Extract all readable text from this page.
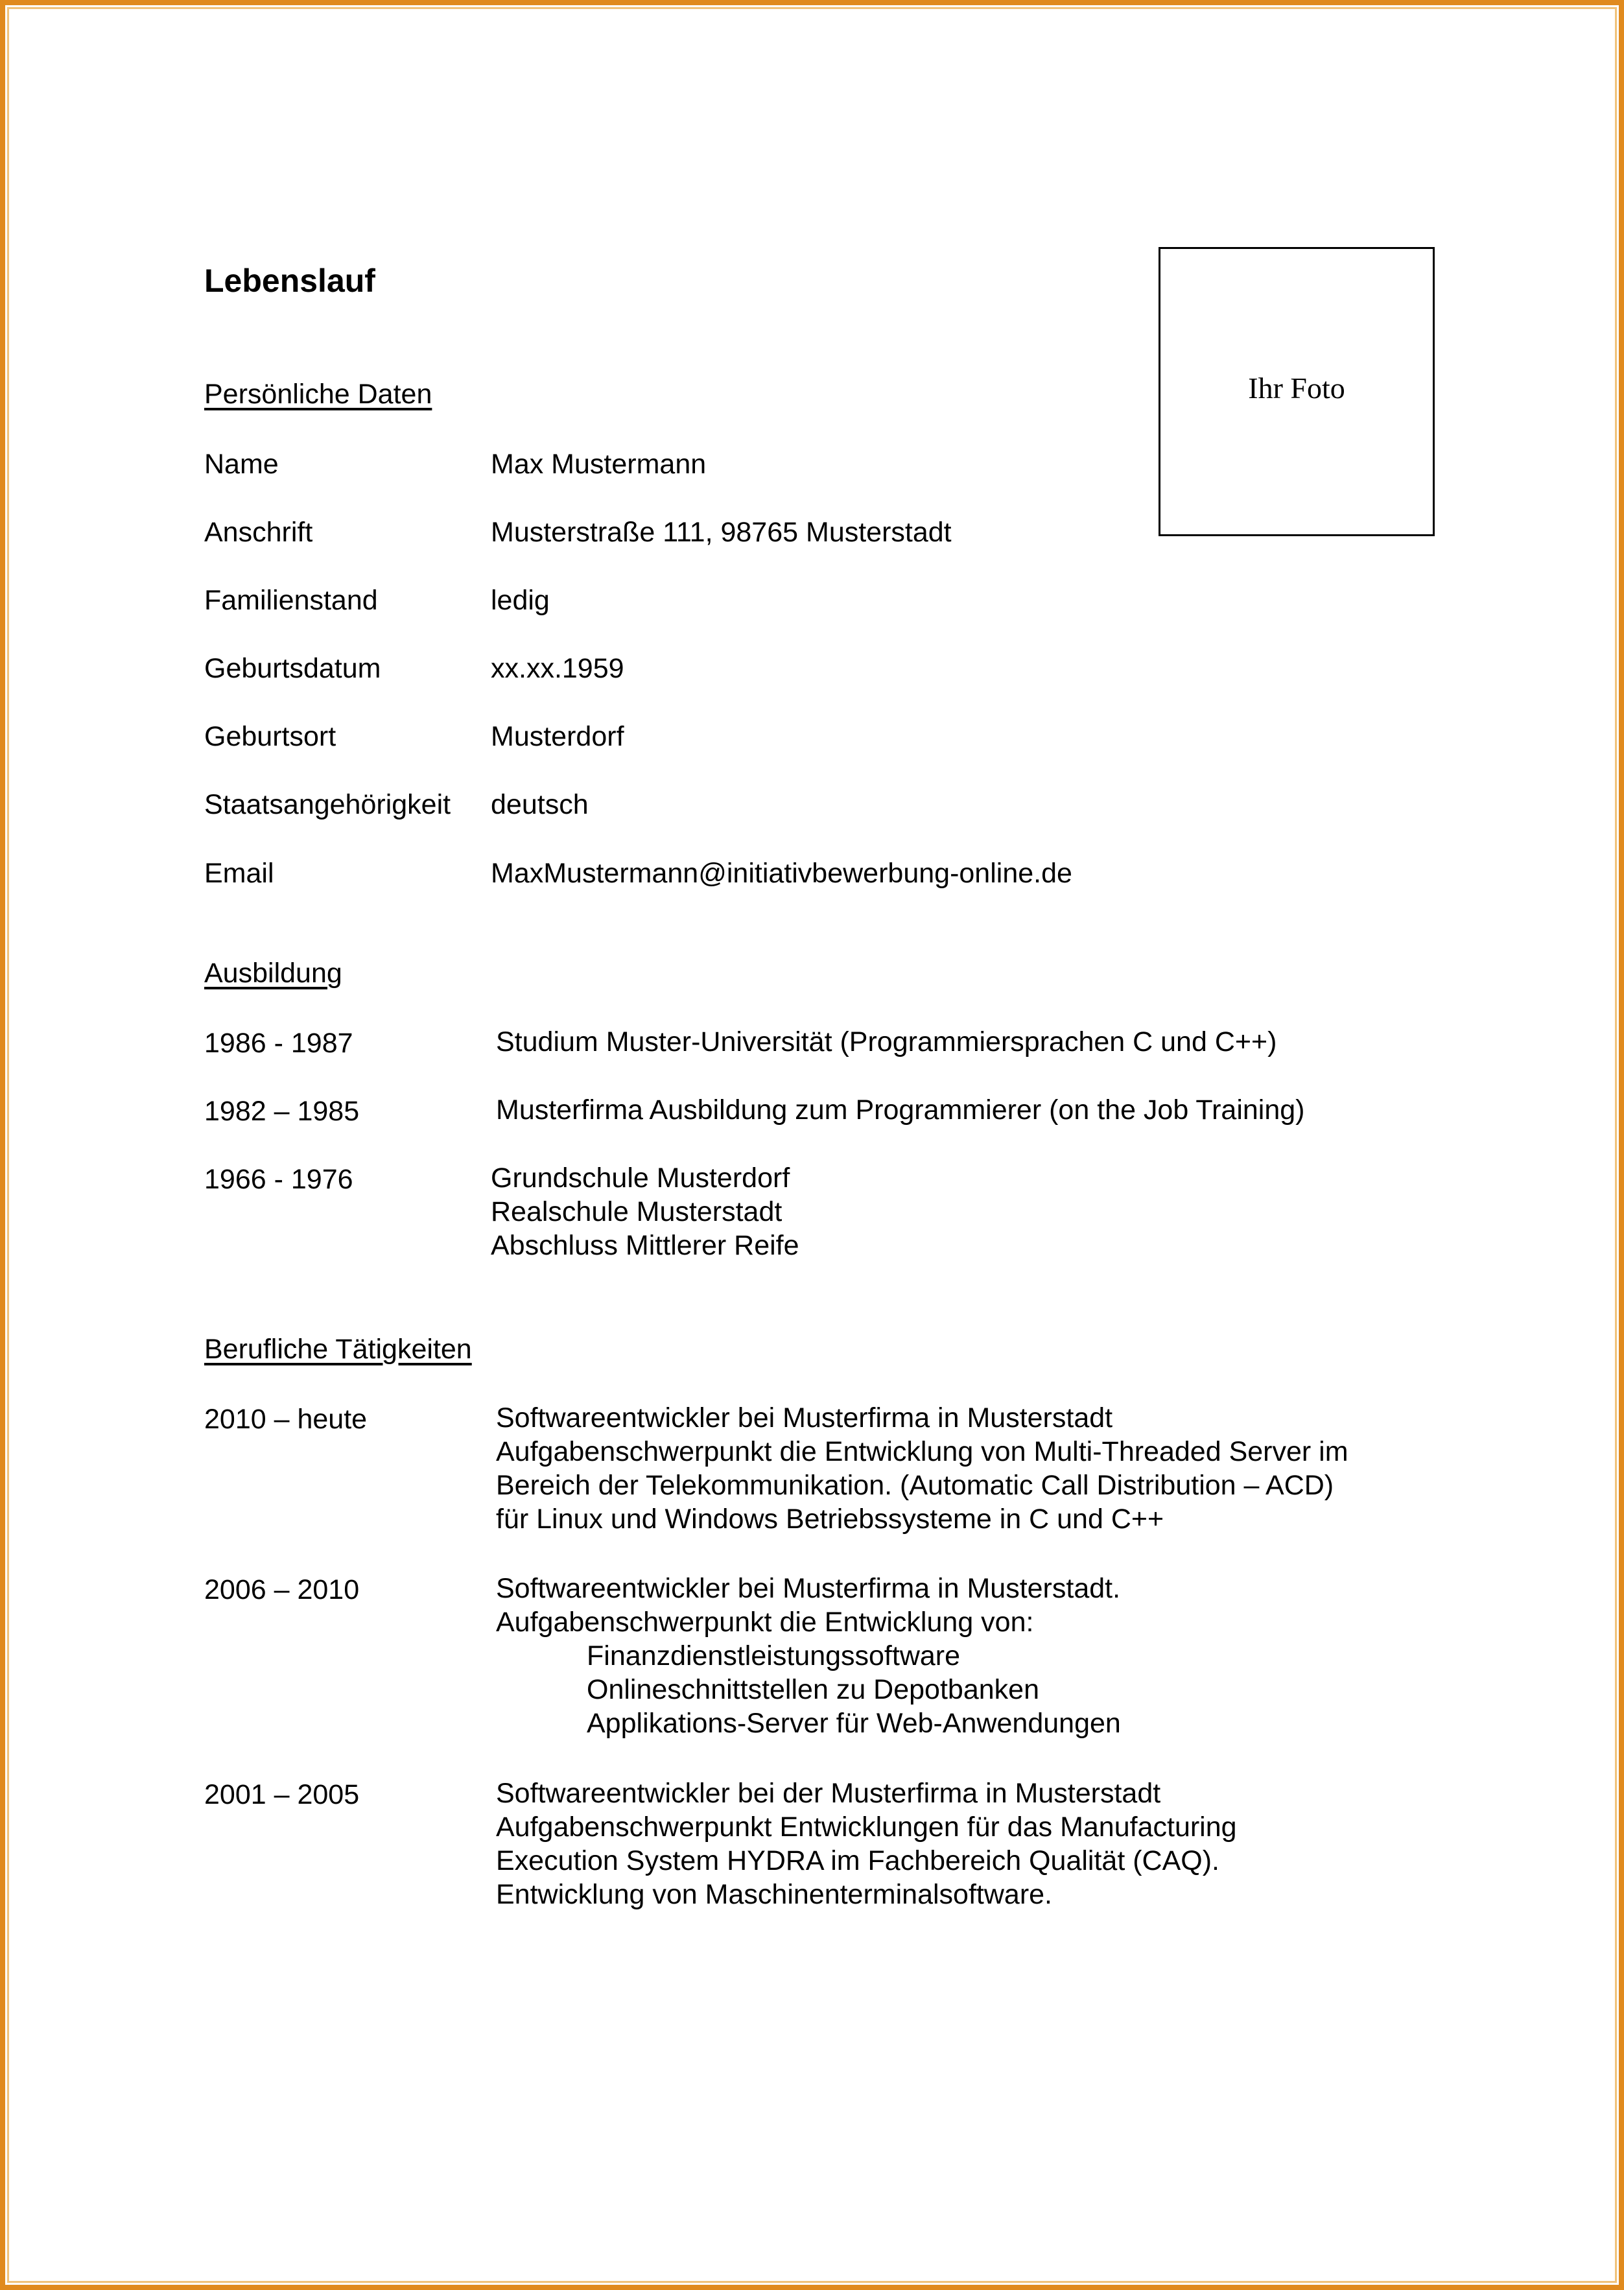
Lebenslauf
Ihr Foto
Persönliche Daten
Name	Max Mustermann
Anschrift	Musterstraße 111, 98765 Musterstadt
Familienstand	ledig
Geburtsdatum	xx.xx.1959
Geburtsort	Musterdorf
Staatsangehörigkeit deutsch
Email	MaxMustermann@initiativbewerbung-online.de
Ausbildung
1986 - 1987	Studium Muster-Universität (Programmiersprachen C und C++)
1982 – 1985	Musterfirma Ausbildung zum Programmierer (on the Job Training)
1966 - 1976	Grundschule Musterdorf
Realschule Musterstadt
Abschluss Mittlerer Reife
Berufliche Tätigkeiten
2010 – heute	Softwareentwickler bei Musterfirma in Musterstadt
Aufgabenschwerpunkt die Entwicklung von Multi-Threaded Server im
Bereich der Telekommunikation. (Automatic Call Distribution – ACD)
für Linux und Windows Betriebssysteme in C und C++
2006 – 2010	Softwareentwickler bei Musterfirma in Musterstadt.
Aufgabenschwerpunkt die Entwicklung von:
Finanzdienstleistungssoftware
Onlineschnittstellen zu Depotbanken
Applikations-Server für Web-Anwendungen
2001 – 2005	Softwareentwickler bei der Musterfirma in Musterstadt
Aufgabenschwerpunkt Entwicklungen für das Manufacturing
Execution System HYDRA im Fachbereich Qualität (CAQ).
Entwicklung von Maschinenterminalsoftware.
